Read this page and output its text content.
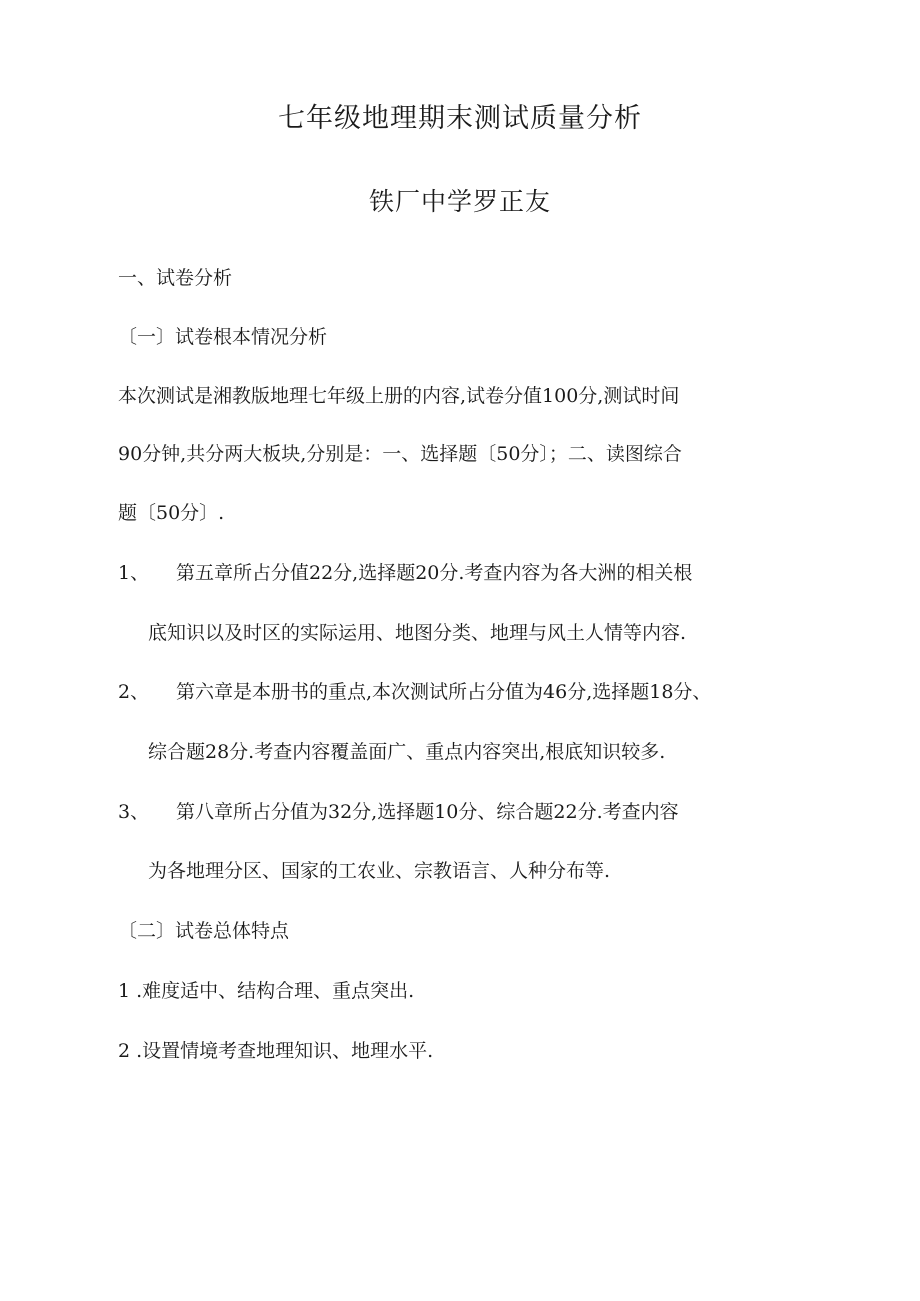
七年级地理期末测试质量分析
铁厂中学罗正友
一、试卷分析
〔一〕试卷根本情况分析
本次测试是湘教版地理七年级上册的内容,试卷分值100分,测试时间
90分钟,共分两大板块,分别是：一、选择题〔50分〕；二、读图综合
题〔50分〕.
1、 第五章所占分值22分,选择题20分.考查内容为各大洲的相关根
底知识以及时区的实际运用、地图分类、地理与风土人情等内容.
2、 第六章是本册书的重点,本次测试所占分值为46分,选择题18分、
综合题28分.考查内容覆盖面广、重点内容突出,根底知识较多.
3、 第八章所占分值为32分,选择题10分、综合题22分.考查内容
为各地理分区、国家的工农业、宗教语言、人种分布等.
〔二〕试卷总体特点
1 .难度适中、结构合理、重点突出.
2 .设置情境考查地理知识、地理水平.
